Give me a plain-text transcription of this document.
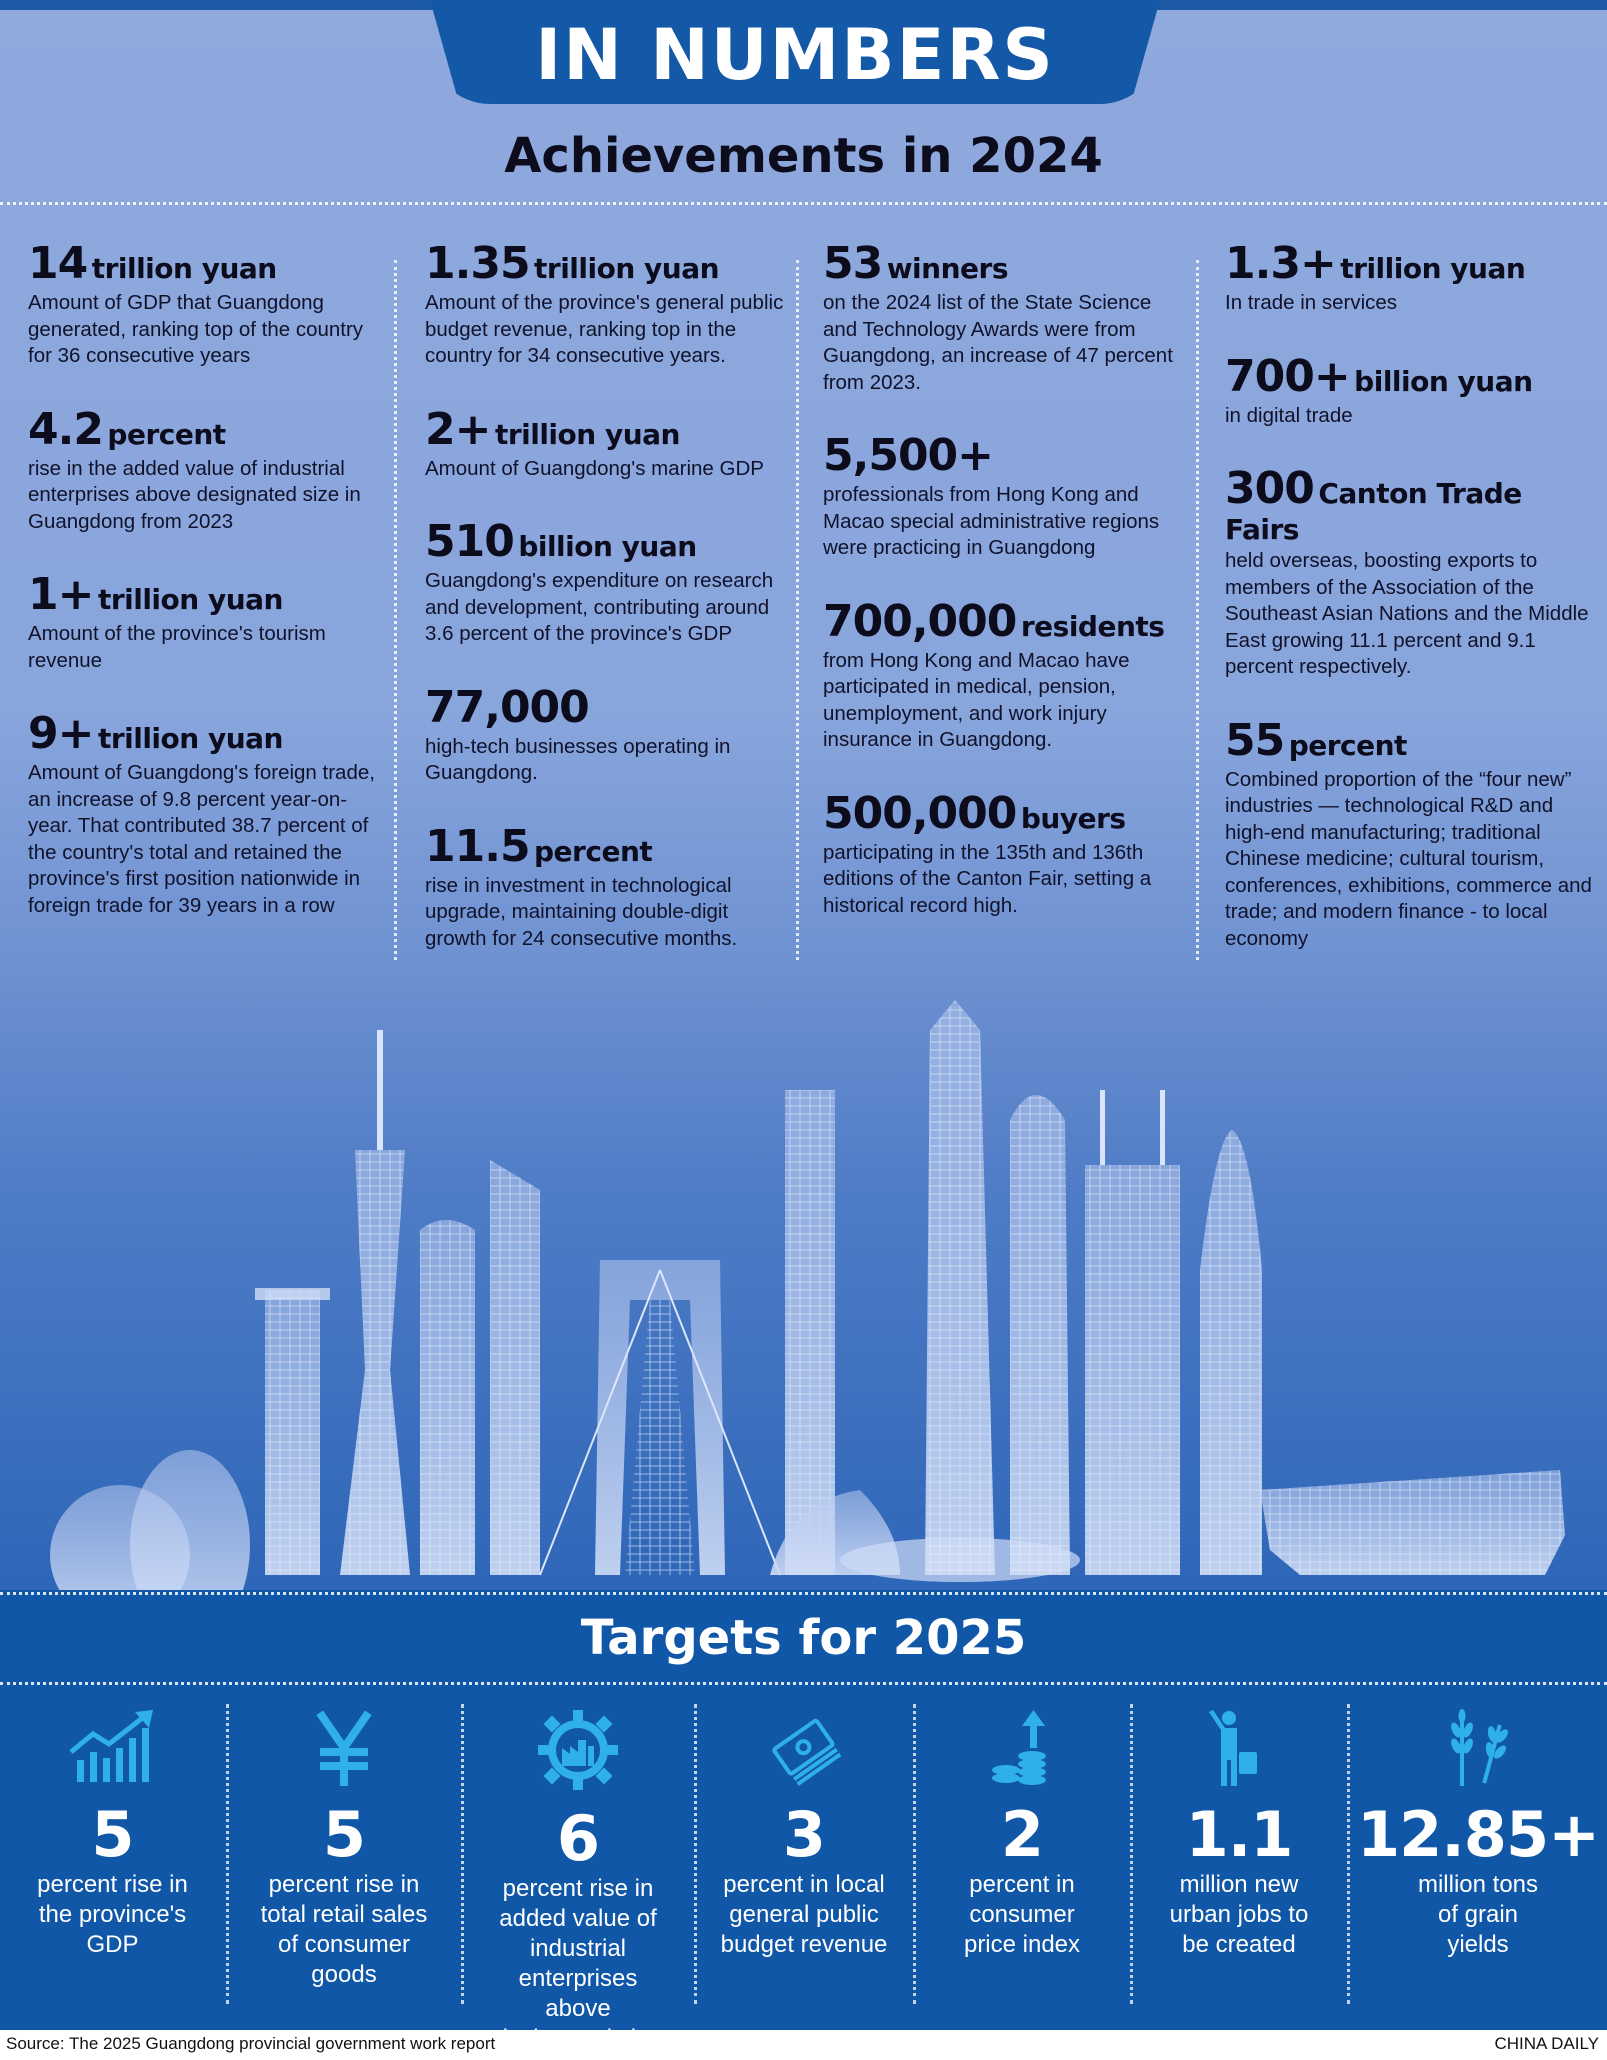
IN NUMBERS
Achievements in 2024
14 trillion yuan
Amount of GDP that Guangdong generated, ranking top of the country for 36 consecutive years
4.2 percent
rise in the added value of industrial enterprises above designated size in Guangdong from 2023
1+ trillion yuan
Amount of the province's tourism revenue
9+ trillion yuan
Amount of Guangdong's foreign trade, an increase of 9.8 percent year-on-year. That contributed 38.7 percent of the country's total and retained the province's first position nationwide in foreign trade for 39 years in a row
1.35 trillion yuan
Amount of the province's general public budget revenue, ranking top in the country for 34 consecutive years.
2+ trillion yuan
Amount of Guangdong's marine GDP
510 billion yuan
Guangdong's expenditure on research and development, contributing around 3.6 percent of the province's GDP
77,000
high-tech businesses operating in Guangdong.
11.5 percent
rise in investment in technological upgrade, maintaining double-digit growth for 24 consecutive months.
53 winners
on the 2024 list of the State Science and Technology Awards were from Guangdong, an increase of 47 percent from 2023.
5,500+
professionals from Hong Kong and Macao special administrative regions were practicing in Guangdong
700,000 residents
from Hong Kong and Macao have participated in medical, pension, unemployment, and work injury insurance in Guangdong.
500,000 buyers
participating in the 135th and 136th editions of the Canton Fair, setting a historical record high.
1.3+ trillion yuan
In trade in services
700+ billion yuan
in digital trade
300 Canton Trade Fairs
held overseas, boosting exports to members of the Association of the Southeast Asian Nations and the Middle East growing 11.1 percent and 9.1 percent respectively.
55 percent
Combined proportion of the “four new” industries — technological R&D and high-end manufacturing; traditional Chinese medicine; cultural tourism, conferences, exhibitions, commerce and trade; and modern finance - to local economy
Targets for 2025
5
percent rise in the province's GDP
5
percent rise in total retail sales of consumer goods
6
percent rise in added value of industrial enterprises above
3
percent in local general public budget revenue
2
percent in consumer price index
1.1
million new urban jobs to be created
12.85+
million tons of grain yields
Source: The 2025 Guangdong provincial government work report	CHINA DAILY
